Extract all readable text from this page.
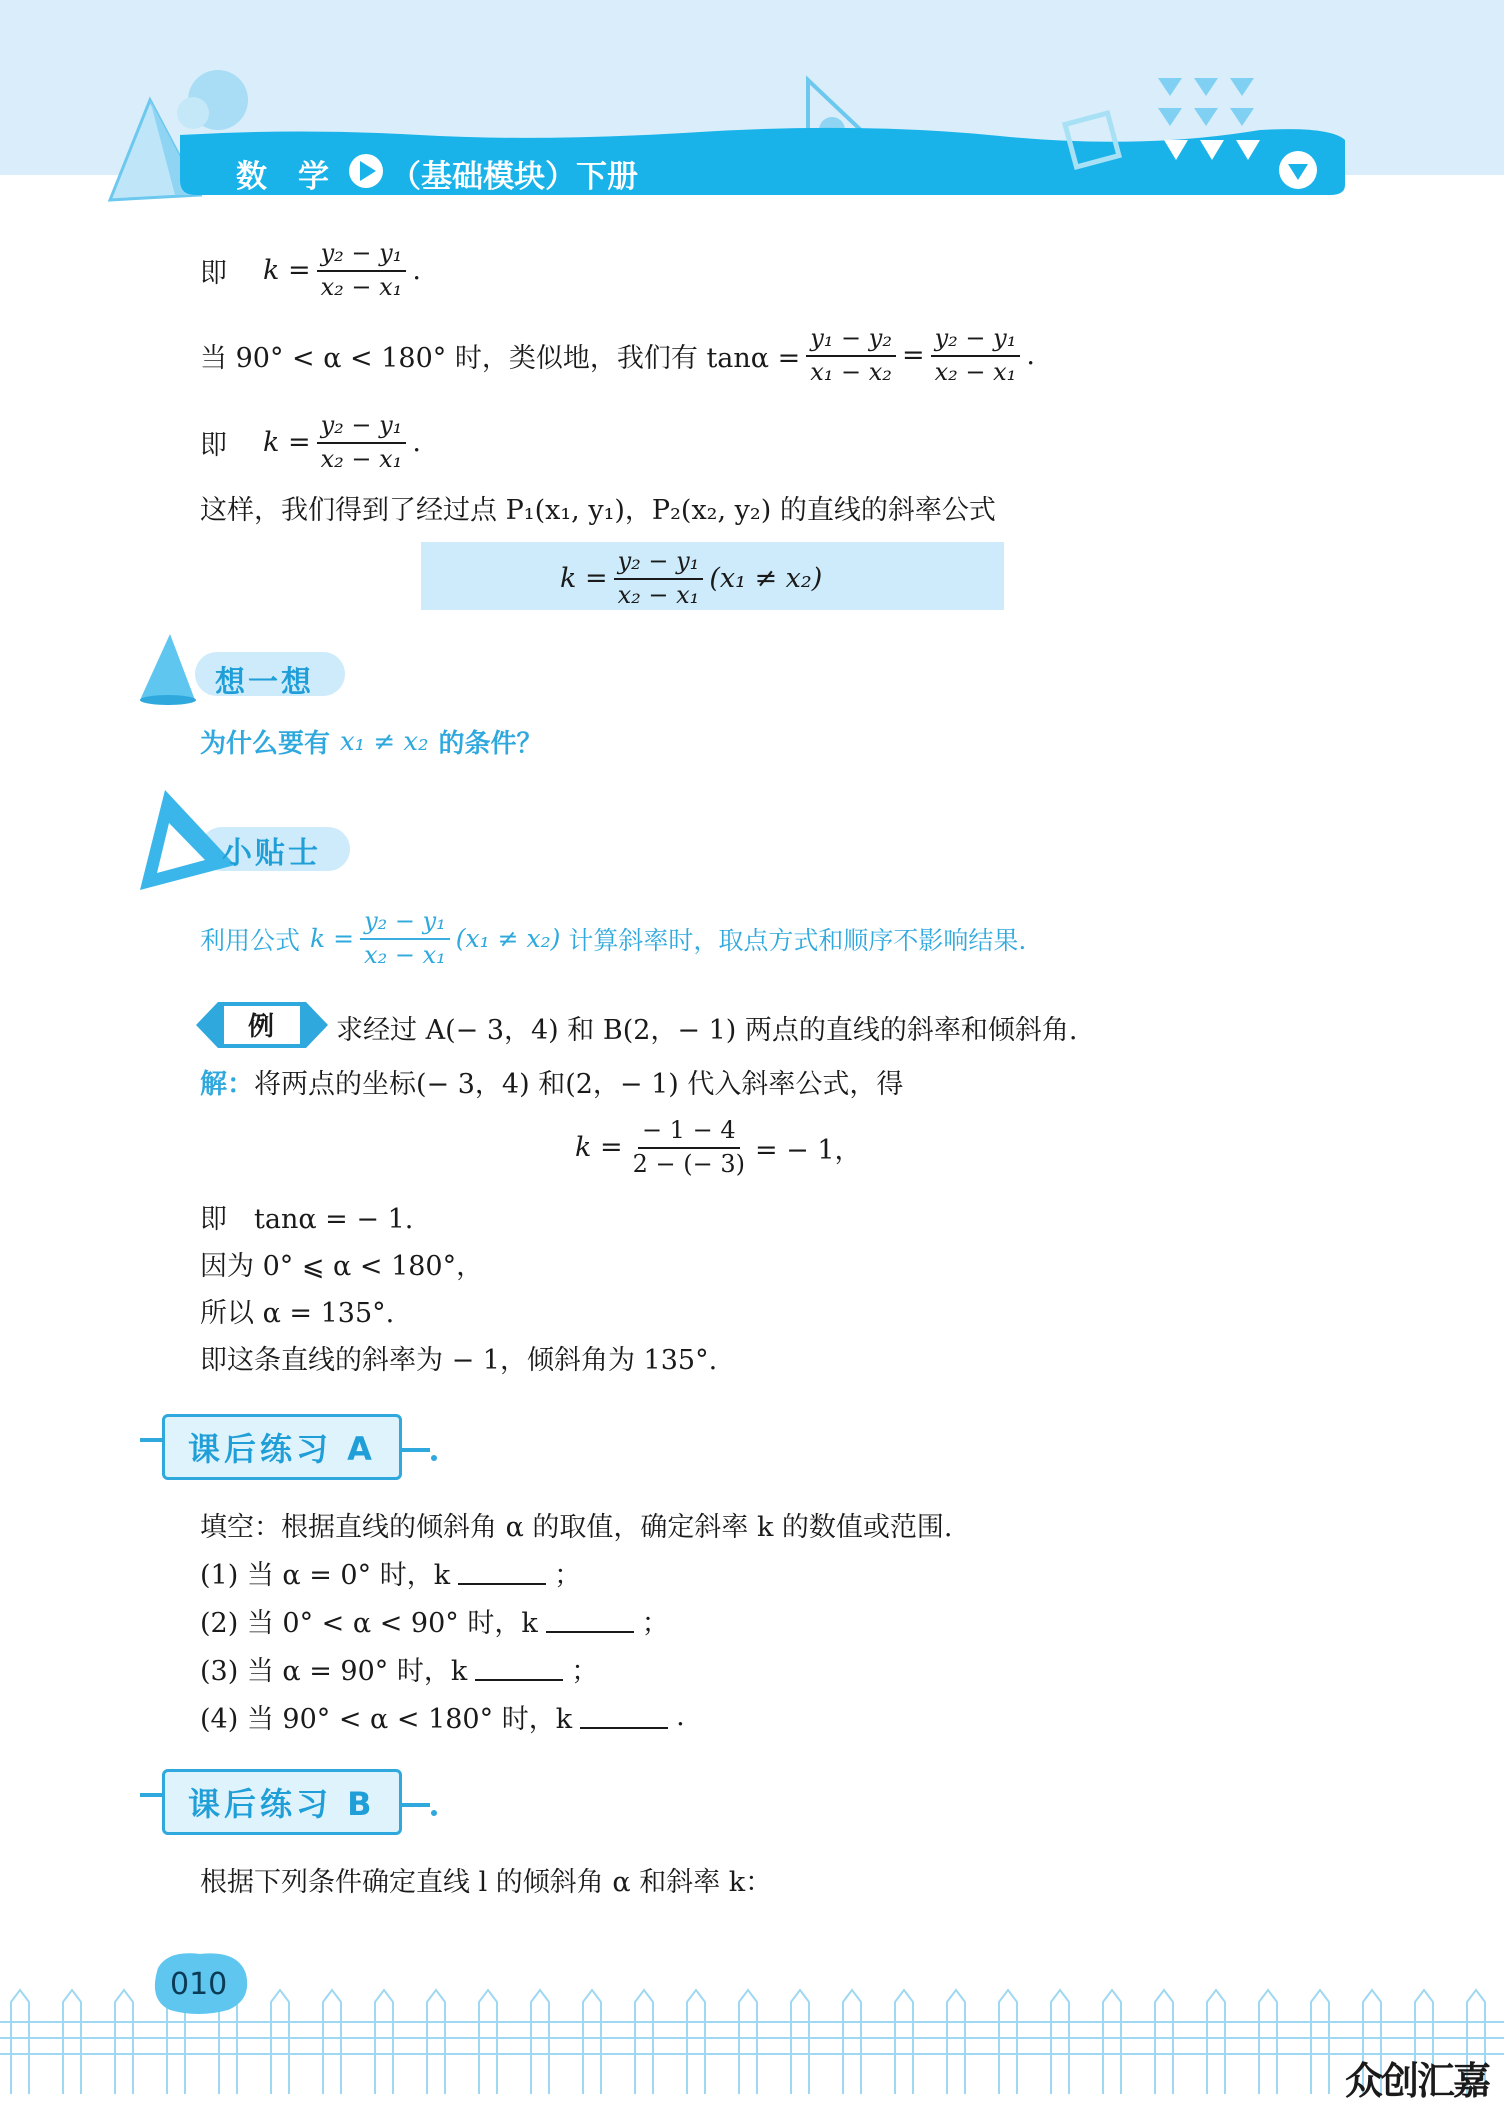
数　学 （基础模块）下册
即 $k = \frac{\text{y₂ − y₁}}{\text{x₂ − x₁}}$ .
当 90° < α < 180° 时，类似地，我们有 $\tan\alpha = \frac{\text{y₁ − y₂}}{\text{x₁ − x₂}} = \frac{\text{y₂ − y₁}}{\text{x₂ − x₁}}$ .
即 $k = \frac{\text{y₂ − y₁}}{\text{x₂ − x₁}}$ .
这样，我们得到了经过点 P₁(x₁, y₁)，P₂(x₂, y₂) 的直线的斜率公式
$k = \frac{\text{y₂ − y₁}}{\text{x₂ − x₁}} (x_1 \ne x_2)$
想一想
为什么要有 x₁ ≠ x₂ 的条件？
小贴士
利用公式 $k = \frac{\text{y₂ − y₁}}{\text{x₂ − x₁}} (x_1 \ne x_2)$ 计算斜率时，取点方式和顺序不影响结果.
例 求经过 A(− 3，4) 和 B(2，− 1) 两点的直线的斜率和倾斜角.
解： 将两点的坐标(− 3，4) 和(2，− 1) 代入斜率公式，得
$k = \frac{- 1 - 4}{2 - (- 3)}$ = − 1，
即　tanα = − 1.
因为 0° ⩽ α < 180°，
所以 α = 135°.
即这条直线的斜率为 − 1，倾斜角为 135°.
课后练习 A
填空：根据直线的倾斜角 α 的取值，确定斜率 k 的数值或范围.
(1) 当 α = 0° 时，k	；
(2) 当 0° < α < 90° 时，k	；
(3) 当 α = 90° 时，k	；
(4) 当 90° < α < 180° 时，k	.
课后练习 B
根据下列条件确定直线 l 的倾斜角 α 和斜率 k：
010
众创汇嘉
